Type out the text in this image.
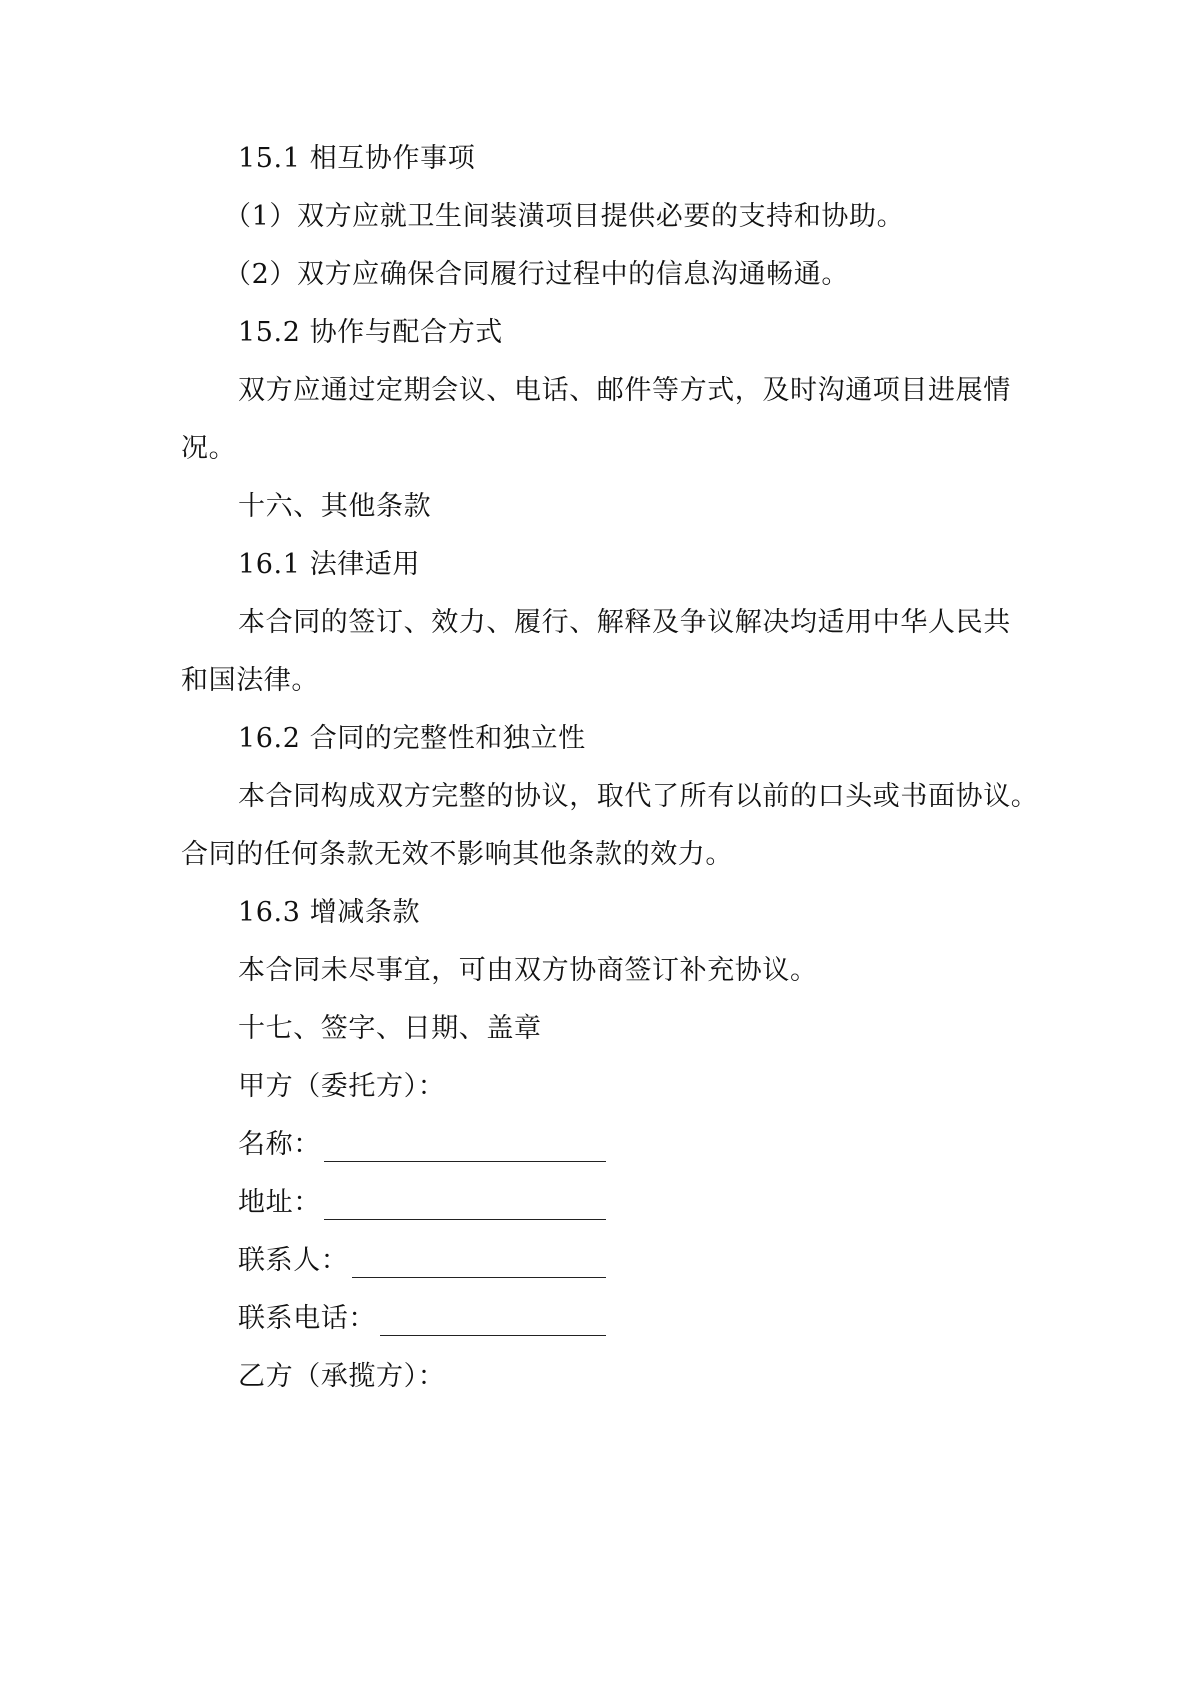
15.1 相互协作事项
（1）双方应就卫生间装潢项目提供必要的支持和协助。
（2）双方应确保合同履行过程中的信息沟通畅通。
15.2 协作与配合方式
双方应通过定期会议、电话、邮件等方式，及时沟通项目进展情
况。
十六、其他条款
16.1 法律适用
本合同的签订、效力、履行、解释及争议解决均适用中华人民共
和国法律。
16.2 合同的完整性和独立性
本合同构成双方完整的协议，取代了所有以前的口头或书面协议。
合同的任何条款无效不影响其他条款的效力。
16.3 增减条款
本合同未尽事宜，可由双方协商签订补充协议。
十七、签字、日期、盖章
甲方（委托方）：
名称：
地址：
联系人：
联系电话：
乙方（承揽方）：
